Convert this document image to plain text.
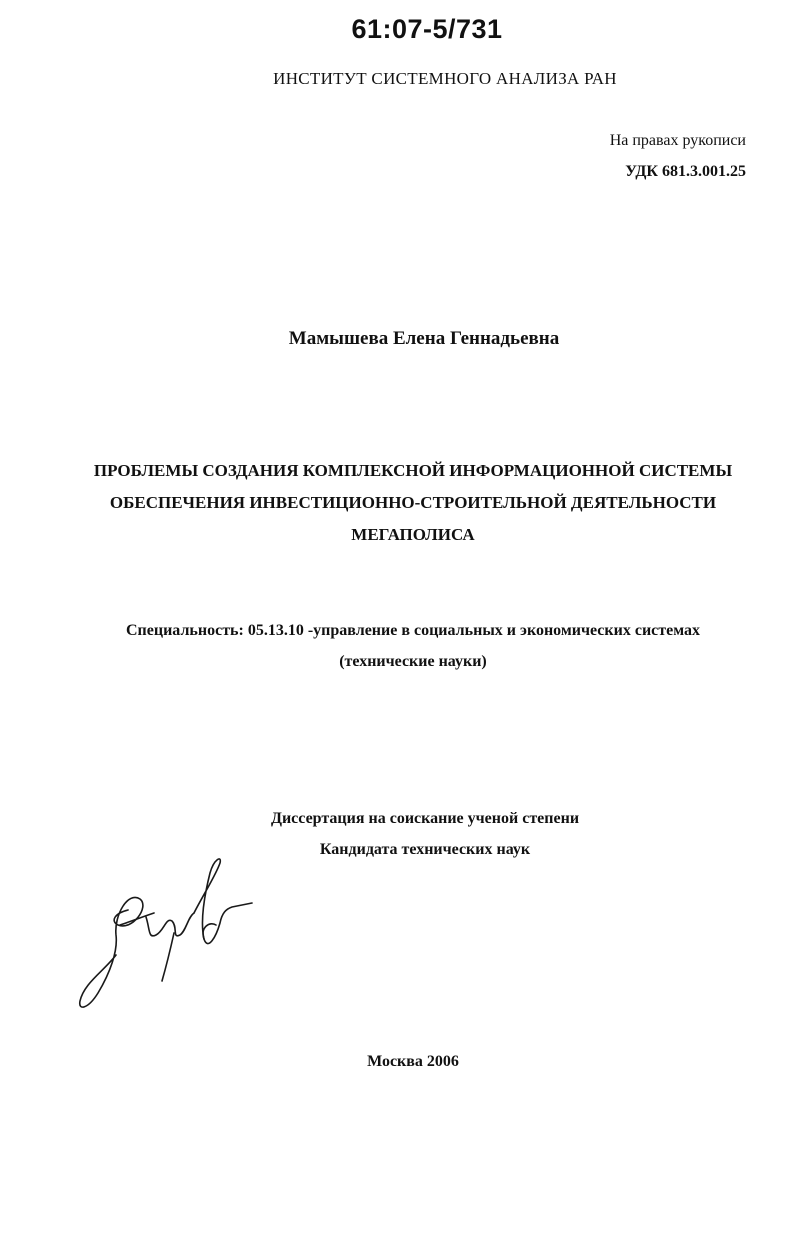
61:07-5/731
ИНСТИТУТ СИСТЕМНОГО АНАЛИЗА РАН
На правах рукописи
УДК 681.3.001.25
Мамышева Елена Геннадьевна
ПРОБЛЕМЫ СОЗДАНИЯ КОМПЛЕКСНОЙ ИНФОРМАЦИОННОЙ СИСТЕМЫ
ОБЕСПЕЧЕНИЯ ИНВЕСТИЦИОННО-СТРОИТЕЛЬНОЙ ДЕЯТЕЛЬНОСТИ
МЕГАПОЛИСА
Специальность: 05.13.10 -управление в социальных и экономических системах
(технические науки)
Диссертация на соискание ученой степени
Кандидата технических наук
Москва 2006
